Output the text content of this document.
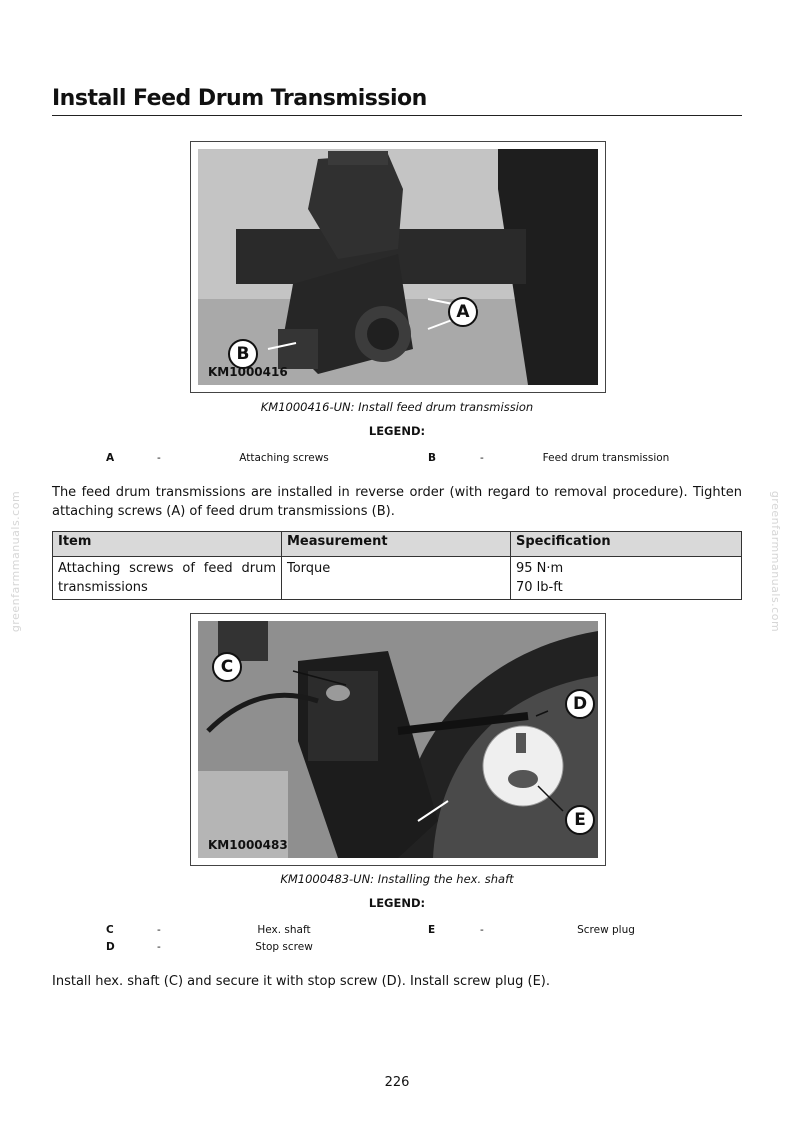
Install Feed Drum Transmission
A
B
KM1000416
KM1000416-UN: Install feed drum transmission
LEGEND:
A	-	Attaching screws	B	-	Feed drum transmission
The feed drum transmissions are installed in reverse order (with regard to removal procedure). Tighten attaching screws (A) of feed drum transmissions (B).
Item	Measurement	Specification
Attaching screws of feed drum transmissions	Torque	95 N·m
70 lb-ft
C
D
E
KM1000483
KM1000483-UN: Installing the hex. shaft
LEGEND:
C	-	Hex. shaft	E	-	Screw plug
D	-	Stop screw
Install hex. shaft (C) and secure it with stop screw (D). Install screw plug (E).
greenfarmmanuals.com	greenfarmmanuals.com
226
